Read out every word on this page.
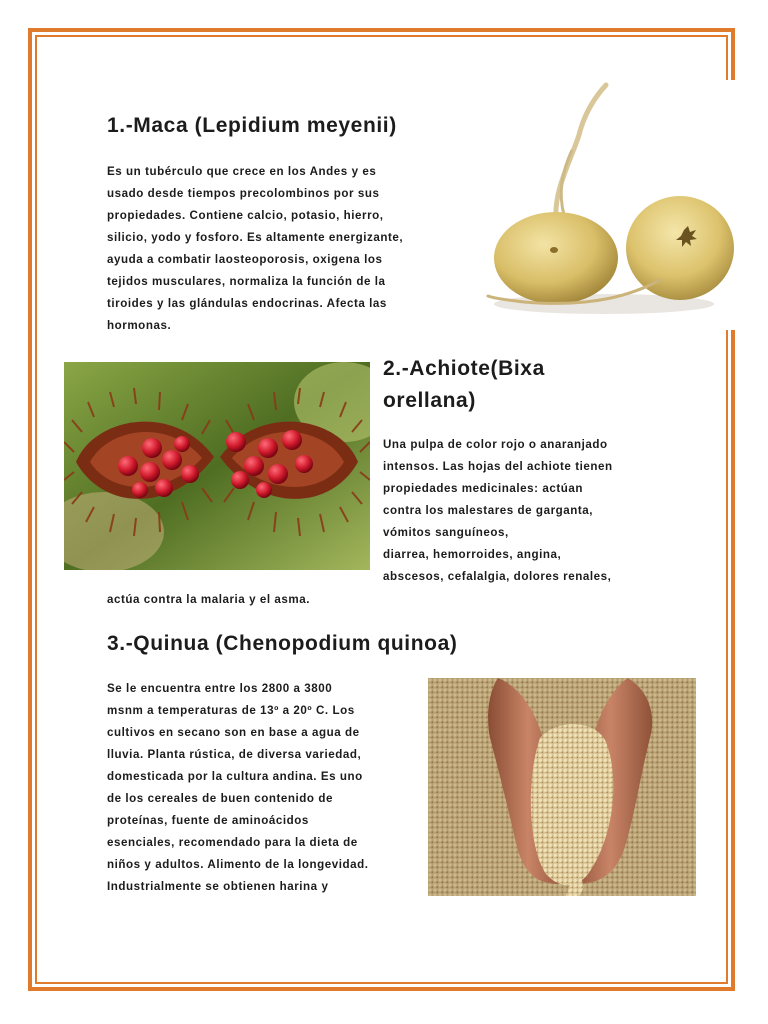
1.-Maca (Lepidium meyenii)
Es un tubérculo que crece en los Andes y es
usado desde tiempos precolombinos por sus
propiedades. Contiene calcio, potasio, hierro,
silicio, yodo y fosforo. Es altamente energizante,
ayuda a combatir laosteoporosis, oxigena los
tejidos musculares, normaliza la función de la
tiroides y las glándulas endocrinas. Afecta las
hormonas.
2.-Achiote(Bixa
orellana)
Una pulpa de color rojo o anaranjado
intensos. Las hojas del achiote tienen
propiedades medicinales: actúan
contra los malestares de garganta,
vómitos sanguíneos,
diarrea, hemorroides, angina,
abscesos, cefalalgia, dolores renales,
actúa contra la malaria y el asma.
3.-Quinua (Chenopodium quinoa)
Se le encuentra entre los 2800 a 3800
msnm a temperaturas de 13º a 20º C. Los
cultivos en secano son en base a agua de
lluvia. Planta rústica, de diversa variedad,
domesticada por la cultura andina. Es uno
de los cereales de buen contenido de
proteínas, fuente de aminoácidos
esenciales, recomendado para la dieta de
niños y adultos. Alimento de la longevidad.
Industrialmente se obtienen harina y
